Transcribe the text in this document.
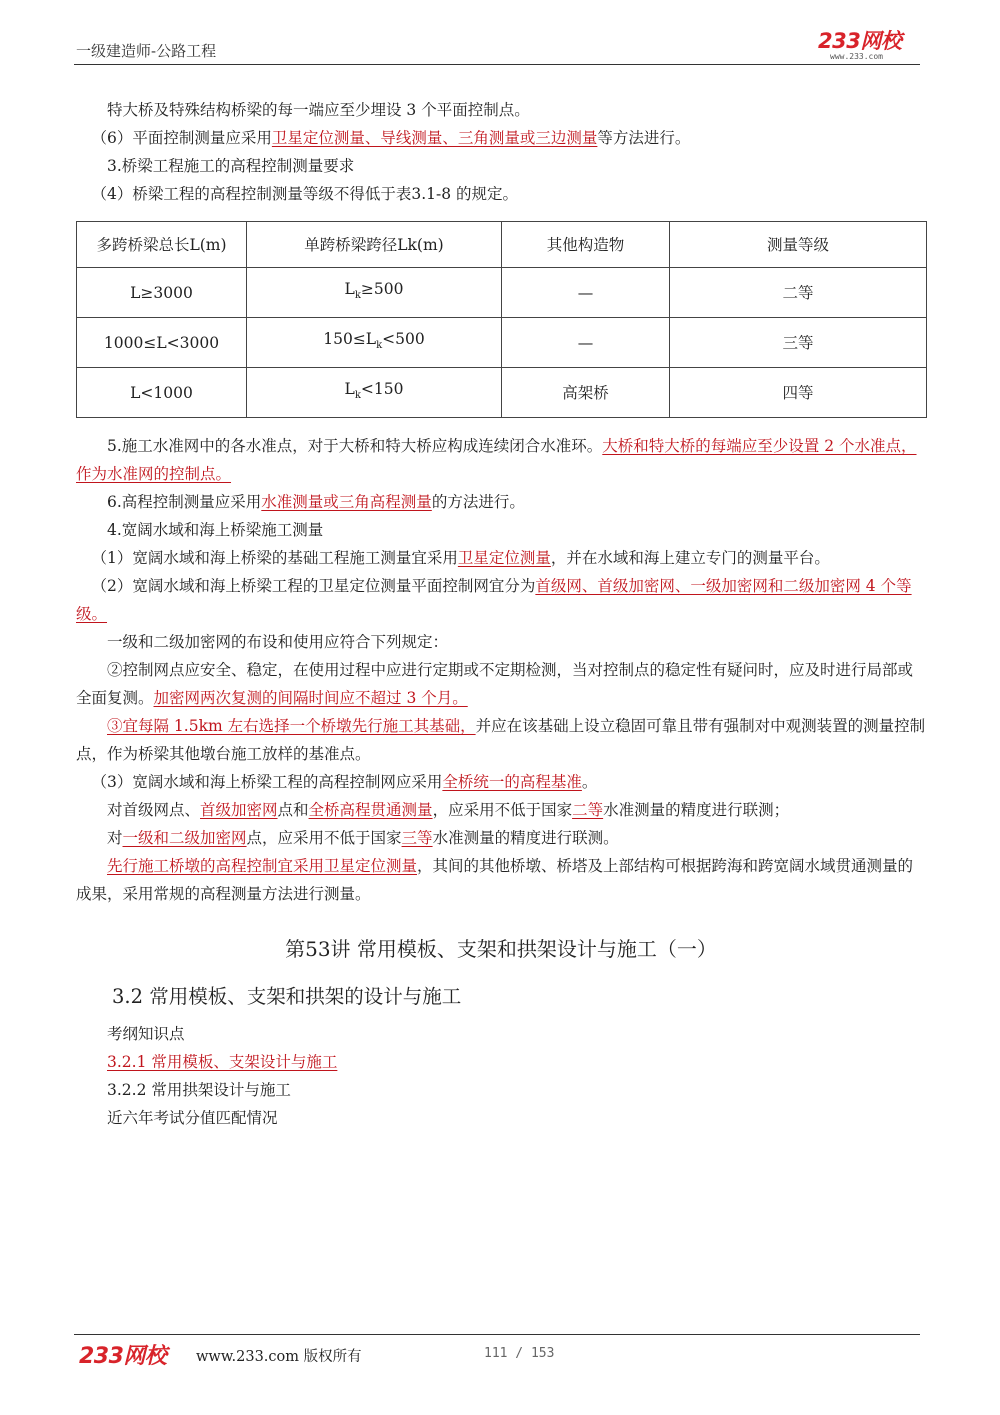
一级建造师-公路工程	233网校
www.233.com

特大桥及特殊结构桥梁的每一端应至少埋设 3 个平面控制点。

（6）平面控制测量应采用卫星定位测量、导线测量、三角测量或三边测量等方法进行。

3.桥梁工程施工的高程控制测量要求

（4）桥梁工程的高程控制测量等级不得低于表3.1-8 的规定。

多跨桥梁总长L(m)	单跨桥梁跨径Lk(m)	其他构造物	测量等级
L≥3000	$L_k\ge 500$	—	二等
1000≤L<3000	$150\le L_k<500$	—	三等
L<1000	$L_k<150$	高架桥	四等

5.施工水准网中的各水准点，对于大桥和特大桥应构成连续闭合水准环。大桥和特大桥的每端应至少设置 2 个水准点，作为水准网的控制点。

6.高程控制测量应采用水准测量或三角高程测量的方法进行。

4.宽阔水域和海上桥梁施工测量

（1）宽阔水域和海上桥梁的基础工程施工测量宜采用卫星定位测量，并在水域和海上建立专门的测量平台。

（2）宽阔水域和海上桥梁工程的卫星定位测量平面控制网宜分为首级网、首级加密网、一级加密网和二级加密网 4 个等级。

一级和二级加密网的布设和使用应符合下列规定：

②控制网点应安全、稳定，在使用过程中应进行定期或不定期检测，当对控制点的稳定性有疑问时，应及时进行局部或全面复测。加密网两次复测的间隔时间应不超过 3 个月。

③宜每隔 1.5km 左右选择一个桥墩先行施工其基础，并应在该基础上设立稳固可靠且带有强制对中观测装置的测量控制点，作为桥梁其他墩台施工放样的基准点。

（3）宽阔水域和海上桥梁工程的高程控制网应采用全桥统一的高程基准。

对首级网点、首级加密网点和全桥高程贯通测量，应采用不低于国家二等水准测量的精度进行联测；

对一级和二级加密网点，应采用不低于国家三等水准测量的精度进行联测。

先行施工桥墩的高程控制宜采用卫星定位测量，其间的其他桥墩、桥塔及上部结构可根据跨海和跨宽阔水域贯通测量的成果，采用常规的高程测量方法进行测量。

第53讲 常用模板、支架和拱架设计与施工（一）
3.2 常用模板、支架和拱架的设计与施工

考纲知识点

3.2.1 常用模板、支架设计与施工

3.2.2 常用拱架设计与施工

近六年考试分值匹配情况

233网校 www.233.com 版权所有	111 / 153
